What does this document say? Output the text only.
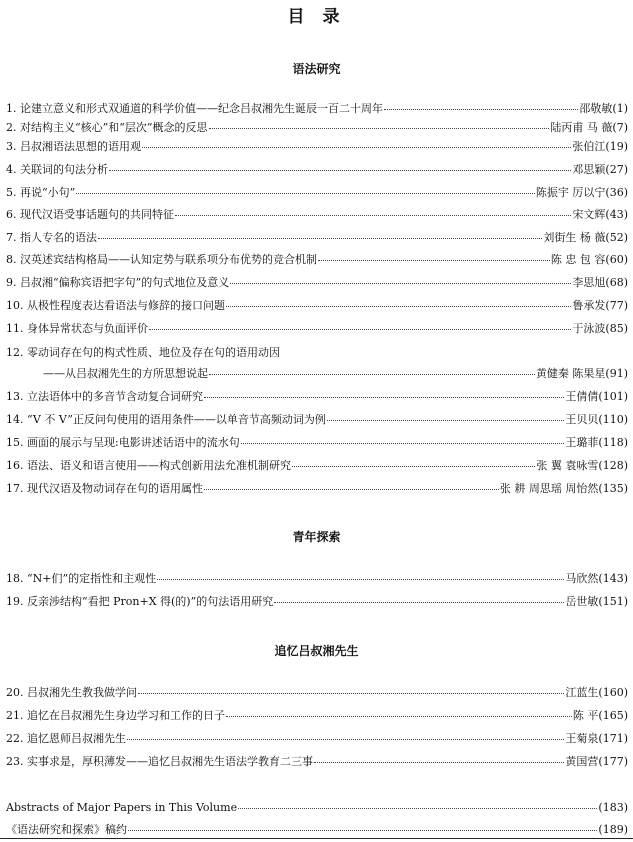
目 录
语法研究
1. 论建立意义和形式双通道的科学价值——纪念吕叔湘先生诞辰一百二十周年	邵敬敏 (1)
2. 对结构主义“核心”和“层次”概念的反思	陆丙甫 马 薇 (7)
3. 吕叔湘语法思想的语用观	张伯江 (19)
4. 关联词的句法分析	邓思颖 (27)
5. 再说“小句”	陈振宇 厉以宁 (36)
6. 现代汉语受事话题句的共同特征	宋文辉 (43)
7. 指人专名的语法	刘街生 杨 薇 (52)
8. 汉英述宾结构格局——认知定势与联系项分布优势的竞合机制	陈 忠 包 容 (60)
9. 吕叔湘“偏称宾语把字句”的句式地位及意义	李思旭 (68)
10. 从极性程度表达看语法与修辞的接口问题	鲁承发 (77)
11. 身体异常状态与负面评价	于泳波 (85)
12. 零动词存在句的构式性质、地位及存在句的语用动因
——从吕叔湘先生的方所思想说起	黄健秦 陈果星 (91)
13. 立法语体中的多音节含动复合词研究	王倩倩 (101)
14. “V 不 V”正反问句使用的语用条件——以单音节高频动词为例	王贝贝 (110)
15. 画面的展示与呈现:电影讲述话语中的流水句	王璐菲 (118)
16. 语法、语义和语言使用——构式创新用法允准机制研究	张 翼 袁咏雪 (128)
17. 现代汉语及物动词存在句的语用属性	张 耕 周思瑶 周怡然 (135)
青年探索
18. “N+们”的定指性和主观性	马欣然 (143)
19. 反亲涉结构“看把 Pron+X 得(的)”的句法语用研究	岳世敏 (151)
追忆吕叔湘先生
20. 吕叔湘先生教我做学问	江蓝生 (160)
21. 追忆在吕叔湘先生身边学习和工作的日子	陈 平 (165)
22. 追忆恩师吕叔湘先生	王菊泉 (171)
23. 实事求是，厚积薄发——追忆吕叔湘先生语法学教育二三事	黄国营 (177)
Abstracts of Major Papers in This Volume	(183)
《语法研究和探索》稿约	(189)
